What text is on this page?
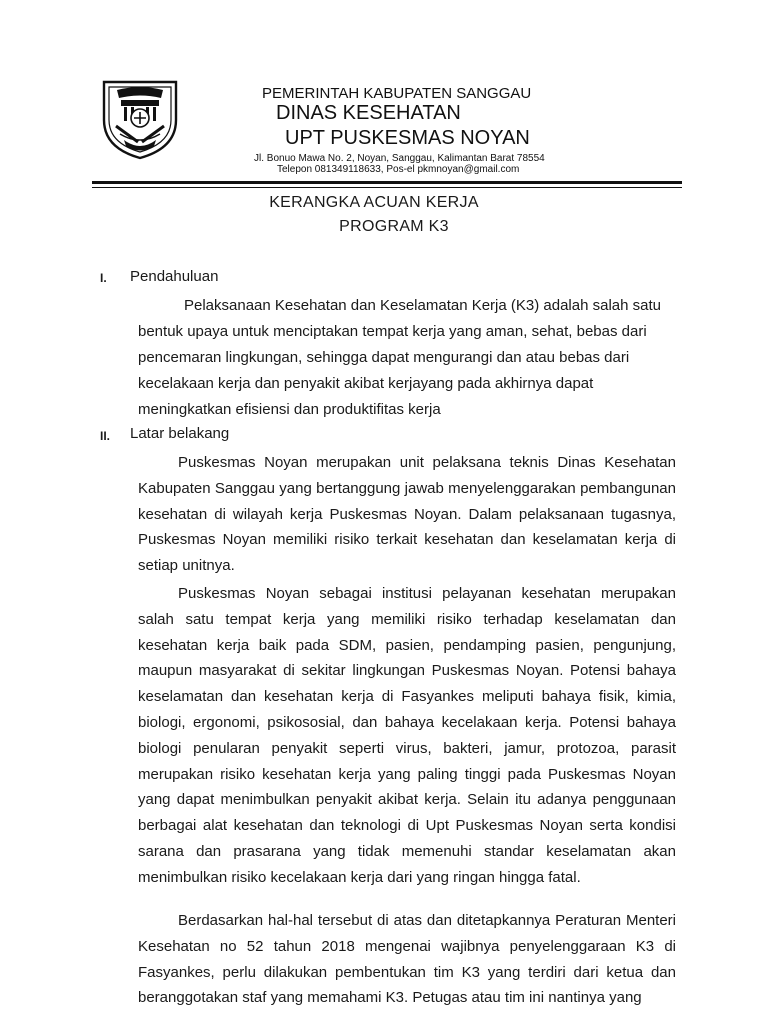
PEMERINTAH KABUPATEN SANGGAU
DINAS KESEHATAN
UPT PUSKESMAS NOYAN
Jl. Bonuo Mawa No. 2, Noyan, Sanggau, Kalimantan Barat 78554
Telepon 081349118633, Pos-el pkmnoyan@gmail.com
KERANGKA ACUAN KERJA
PROGRAM K3
I. Pendahuluan

Pelaksanaan Kesehatan dan Keselamatan Kerja (K3) adalah salah satu bentuk upaya untuk menciptakan tempat kerja yang aman, sehat, bebas dari pencemaran lingkungan, sehingga dapat mengurangi dan atau bebas dari kecelakaan kerja dan penyakit akibat kerjayang pada akhirnya dapat meningkatkan efisiensi dan produktifitas kerja

II. Latar belakang

Puskesmas Noyan merupakan unit pelaksana teknis Dinas Kesehatan Kabupaten Sanggau yang bertanggung jawab menyelenggarakan pembangunan kesehatan di wilayah kerja Puskesmas Noyan. Dalam pelaksanaan tugasnya, Puskesmas Noyan memiliki risiko terkait kesehatan dan keselamatan kerja di setiap unitnya.

Puskesmas Noyan sebagai institusi pelayanan kesehatan merupakan salah satu tempat kerja yang memiliki risiko terhadap keselamatan dan kesehatan kerja baik pada SDM, pasien, pendamping pasien, pengunjung, maupun masyarakat di sekitar lingkungan Puskesmas Noyan. Potensi bahaya keselamatan dan kesehatan kerja di Fasyankes meliputi bahaya fisik, kimia, biologi, ergonomi, psikososial, dan bahaya kecelakaan kerja. Potensi bahaya biologi penularan penyakit seperti virus, bakteri, jamur, protozoa, parasit merupakan risiko kesehatan kerja yang paling tinggi pada Puskesmas Noyan yang dapat menimbulkan penyakit akibat kerja. Selain itu adanya penggunaan berbagai alat kesehatan dan teknologi di Upt Puskesmas Noyan serta kondisi sarana dan prasarana yang tidak memenuhi standar keselamatan akan menimbulkan risiko kecelakaan kerja dari yang ringan hingga fatal.

Berdasarkan hal-hal tersebut di atas dan ditetapkannya Peraturan Menteri Kesehatan no 52 tahun 2018 mengenai wajibnya penyelenggaraan K3 di Fasyankes, perlu dilakukan pembentukan tim K3 yang terdiri dari ketua dan beranggotakan staf yang memahami K3. Petugas atau tim ini nantinya yang
